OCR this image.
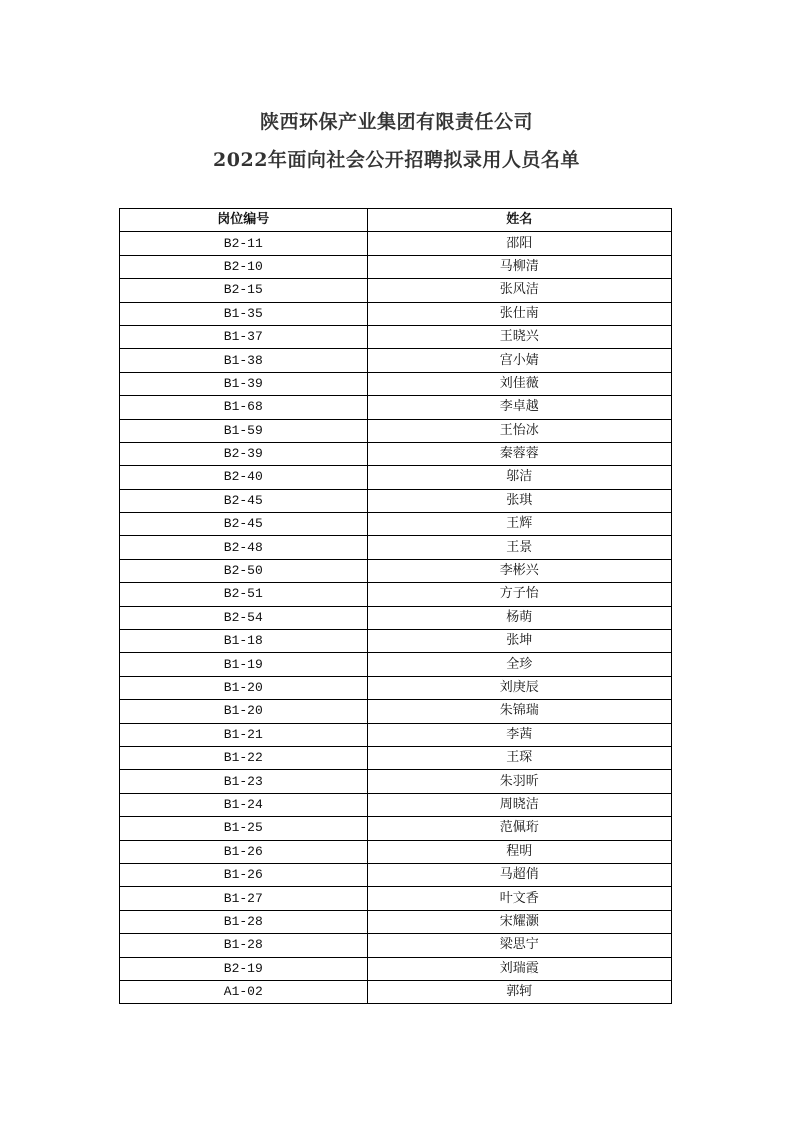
陕西环保产业集团有限责任公司
2022年面向社会公开招聘拟录用人员名单
岗位编号	姓名
B2-11	邵阳
B2-10	马柳清
B2-15	张风洁
B1-35	张仕南
B1-37	王晓兴
B1-38	宫小婧
B1-39	刘佳薇
B1-68	李卓越
B1-59	王怡冰
B2-39	秦蓉蓉
B2-40	邬洁
B2-45	张琪
B2-45	王辉
B2-48	王景
B2-50	李彬兴
B2-51	方子怡
B2-54	杨萌
B1-18	张坤
B1-19	全珍
B1-20	刘庚辰
B1-20	朱锦瑞
B1-21	李茜
B1-22	王琛
B1-23	朱羽昕
B1-24	周晓洁
B1-25	范佩珩
B1-26	程明
B1-26	马超俏
B1-27	叶文香
B1-28	宋耀灏
B1-28	梁思宁
B2-19	刘瑞霞
A1-02	郭轲
